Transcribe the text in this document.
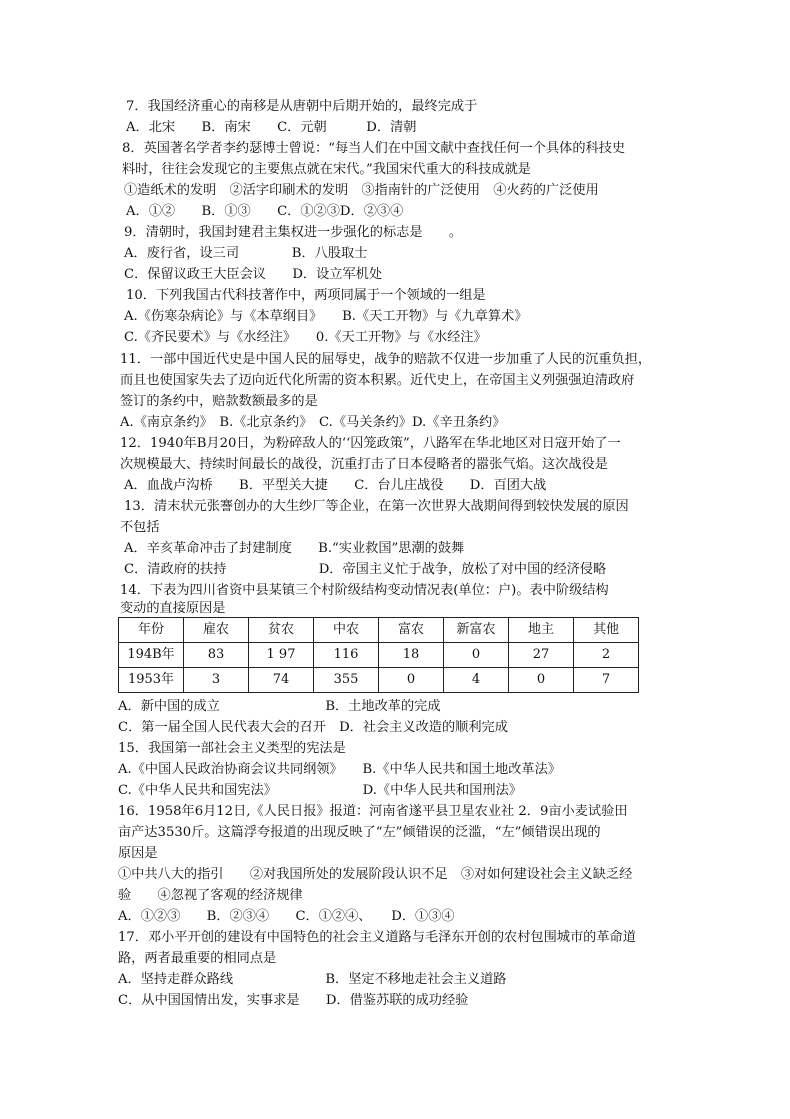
7．我国经济重心的南移是从唐朝中后期开始的，最终完成于
A．北宋　　B．南宋　　C．元朝　　　D．清朝
8．英国著名学者李约瑟博士曾说：“每当人们在中国文献中查找任何一个具体的科技史
料时，往往会发现它的主要焦点就在宋代。”我国宋代重大的科技成就是
①造纸术的发明　②活字印刷术的发明　③指南针的广泛使用　④火药的广泛使用
A．①②　　B．①③　　C．①②③D．②③④
9．清朝时，我国封建君主集权进一步强化的标志是　　。
A．废行省，设三司　　　　B．八股取士
C．保留议政王大臣会议　　D．设立军机处
10．下列我国古代科技著作中，两项同属于一个领域的一组是
A.《伤寒杂病论》与《本草纲目》　　B.《天工开物》与《九章算术》
C.《齐民要术》与《水经注》　　0.《天工开物》与《水经注》
11．一部中国近代史是中国人民的屈辱史，战争的赔款不仅进一步加重了人民的沉重负担，
而且也使国家失去了迈向近代化所需的资本积累。近代史上，在帝国主义列强强迫清政府
签订的条约中，赔款数额最多的是
A.《南京条约》　B.《北京条约》　C.《马关条约》D.《辛丑条约》
12．1940年B月20日，为粉碎敌人的‘‘囚笼政策”，八路军在华北地区对日寇开始了一
次规模最大、持续时间最长的战役，沉重打击了日本侵略者的嚣张气焰。这次战役是
A．血战卢沟桥　　B．平型关大捷　　C．台儿庄战役　　D．百团大战
13．清末状元张謇创办的大生纱厂等企业，在第一次世界大战期间得到较快发展的原因
不包括
A．辛亥革命冲击了封建制度　　B.“实业救国”思潮的鼓舞
C．清政府的扶持　　　　　　　D．帝国主义忙于战争，放松了对中国的经济侵略
14．下表为四川省资中县某镇三个村阶级结构变动情况表(单位：户)。表中阶级结构
变动的直接原因是
年份	雇农	贫农	中农	富农	新富农	地主	其他
194B年	83	1 97	116	18	0	27	2
1953年	3	74	355	0	4	0	7
A．新中国的成立　　　　　　　　B．土地改革的完成
C．第一届全国人民代表大会的召开　D．社会主义改造的顺利完成
15．我国第一部社会主义类型的宪法是
A.《中国人民政治协商会议共同纲领》　　B.《中华人民共和国土地改革法》
C.《中华人民共和国宪法》　　　　　　　D.《中华人民共和国刑法》
16．1958年6月12日,《人民日报》报道：河南省遂平县卫星农业社 2．9亩小麦试验田
亩产达3530斤。这篇浮夸报道的出现反映了“左”倾错误的泛滥，“左”倾错误出现的
原因是
①中共八大的指引　　②对我国所处的发展阶段认识不足　③对如何建设社会主义缺乏经
验　　④忽视了客观的经济规律
A．①②③　　B．②③④　　C．①②④、　　D．①③④
17．邓小平开创的建设有中国特色的社会主义道路与毛泽东开创的农村包围城市的革命道
路，两者最重要的相同点是
A．坚持走群众路线　　　　　　　B．坚定不移地走社会主义道路
C．从中国国情出发，实事求是　　D．借鉴苏联的成功经验
